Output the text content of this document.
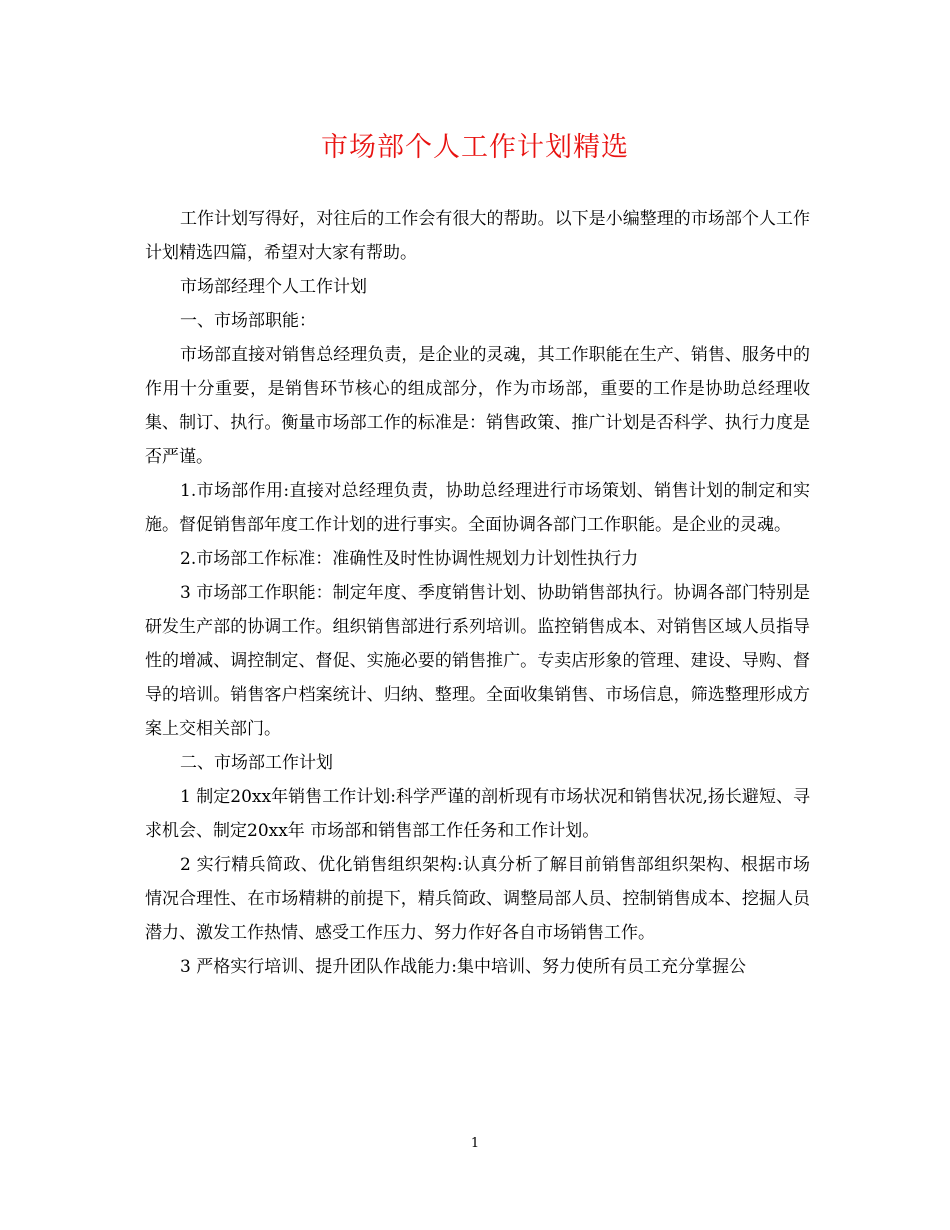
市场部个人工作计划精选

工作计划写得好，对往后的工作会有很大的帮助。以下是小编整理的市场部个人工作计划精选四篇，希望对大家有帮助。

市场部经理个人工作计划

一、市场部职能：

市场部直接对销售总经理负责，是企业的灵魂，其工作职能在生产、销售、服务中的作用十分重要，是销售环节核心的组成部分，作为市场部，重要的工作是协助总经理收集、制订、执行。衡量市场部工作的标准是：销售政策、推广计划是否科学、执行力度是否严谨。

1.市场部作用:直接对总经理负责，协助总经理进行市场策划、销售计划的制定和实施。督促销售部年度工作计划的进行事实。全面协调各部门工作职能。是企业的灵魂。

2.市场部工作标准：准确性及时性协调性规划力计划性执行力

3 市场部工作职能：制定年度、季度销售计划、协助销售部执行。协调各部门特别是研发生产部的协调工作。组织销售部进行系列培训。监控销售成本、对销售区域人员指导性的增减、调控制定、督促、实施必要的销售推广。专卖店形象的管理、建设、导购、督导的培训。销售客户档案统计、归纳、整理。全面收集销售、市场信息，筛选整理形成方案上交相关部门。

二、市场部工作计划

1 制定20xx年销售工作计划:科学严谨的剖析现有市场状况和销售状况,扬长避短、寻求机会、制定20xx年 市场部和销售部工作任务和工作计划。

2 实行精兵简政、优化销售组织架构:认真分析了解目前销售部组织架构、根据市场情况合理性、在市场精耕的前提下，精兵简政、调整局部人员、控制销售成本、挖掘人员潜力、激发工作热情、感受工作压力、努力作好各自市场销售工作。

3 严格实行培训、提升团队作战能力:集中培训、努力使所有员工充分掌握公

1
